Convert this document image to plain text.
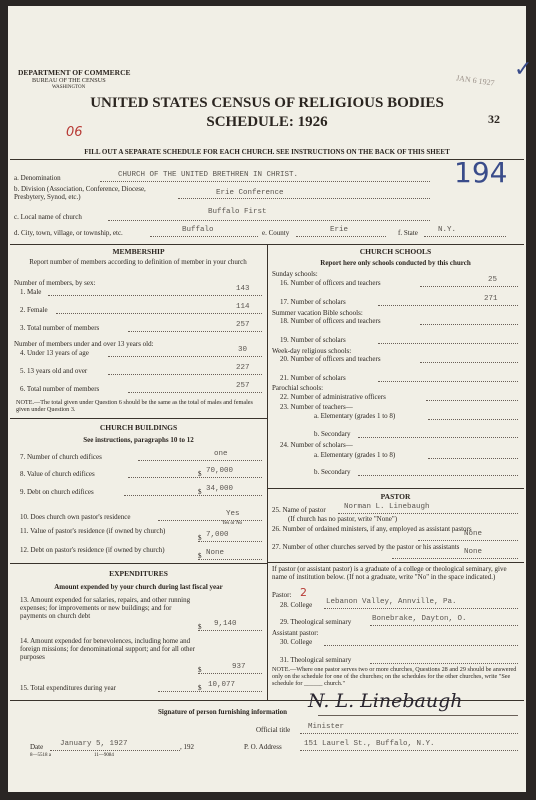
DEPARTMENT OF COMMERCE
BUREAU OF THE CENSUS
WASHINGTON
UNITED STATES CENSUS OF RELIGIOUS BODIES
SCHEDULE: 1926
06
JAN 6 1927
32
✓
FILL OUT A SEPARATE SCHEDULE FOR EACH CHURCH. SEE INSTRUCTIONS ON THE BACK OF THIS SHEET
a. Denomination	CHURCH OF THE UNITED BRETHREN IN CHRIST.	194
b. Division (Association, Conference, Diocese, Presbytery, Synod, etc.)	Erie Conference
c. Local name of church
Buffalo First
d. City, town, village, or township, etc.	Buffalo	e. County	Erie	f. State	N.Y.
MEMBERSHIP
Report number of members according to definition of member in your church
Number of members, by sex:
1. Male	143
2. Female	114
3. Total number of members	257
Number of members under and over 13 years old:
4. Under 13 years of age	30
5. 13 years old and over	227
6. Total number of members	257
NOTE.—The total given under Question 6 should be the same as the total of males and females given under Question 3.
CHURCH BUILDINGS
See instructions, paragraphs 10 to 12
7. Number of church edifices	one
8. Value of church edifices	$ 70,000
9. Debt on church edifices	$ 34,000
10. Does church own pastor's residence	Yes
Yes or No
11. Value of pastor's residence (if owned by church)
$ 7,000
12. Debt on pastor's residence (if owned by church)
$ None
EXPENDITURES
Amount expended by your church during last fiscal year
13. Amount expended for salaries, repairs, and other running expenses; for improvements or new buildings; and for payments on church debt
$ 9,140
14. Amount expended for benevolences, including home and foreign missions; for denominational support; and for all other purposes
$	937
15. Total expenditures during year	$ 10,077
CHURCH SCHOOLS
Report here only schools conducted by this church
Sunday schools:
16. Number of officers and teachers	25
17. Number of scholars	271
Summer vacation Bible schools:
18. Number of officers and teachers
19. Number of scholars
Week-day religious schools:
20. Number of officers and teachers
21. Number of scholars
Parochial schools:
22. Number of administrative officers
23. Number of teachers—
a. Elementary (grades 1 to 8)
b. Secondary
24. Number of scholars—
a. Elementary (grades 1 to 8)
b. Secondary
PASTOR
25. Name of pastor Norman L. Linebaugh
(If church has no pastor, write "None")
26. Number of ordained ministers, if any, employed as assistant pastors
None
27. Number of other churches served by the pastor or his assistants
None
If pastor (or assistant pastor) is a graduate of a college or theological seminary, give name of institution below. (If not a graduate, write "No" in the space indicated.)
Pastor: 2
28. College Lebanon Valley, Annville, Pa.
29. Theological seminary	Bonebrake, Dayton, O.
Assistant pastor:
30. College
31. Theological seminary
NOTE.—Where one pastor serves two or more churches, Questions 28 and 29 should be answered only on the schedule for one of the churches; on the schedules for the other churches, write "See schedule for ______ church."
Signature of person furnishing information N. L. Linebaugh
Official title Minister
Date January 5, 1927	, 192	P. O. Address	151 Laurel St., Buffalo, N.Y.
8—5518 a	11—9084
